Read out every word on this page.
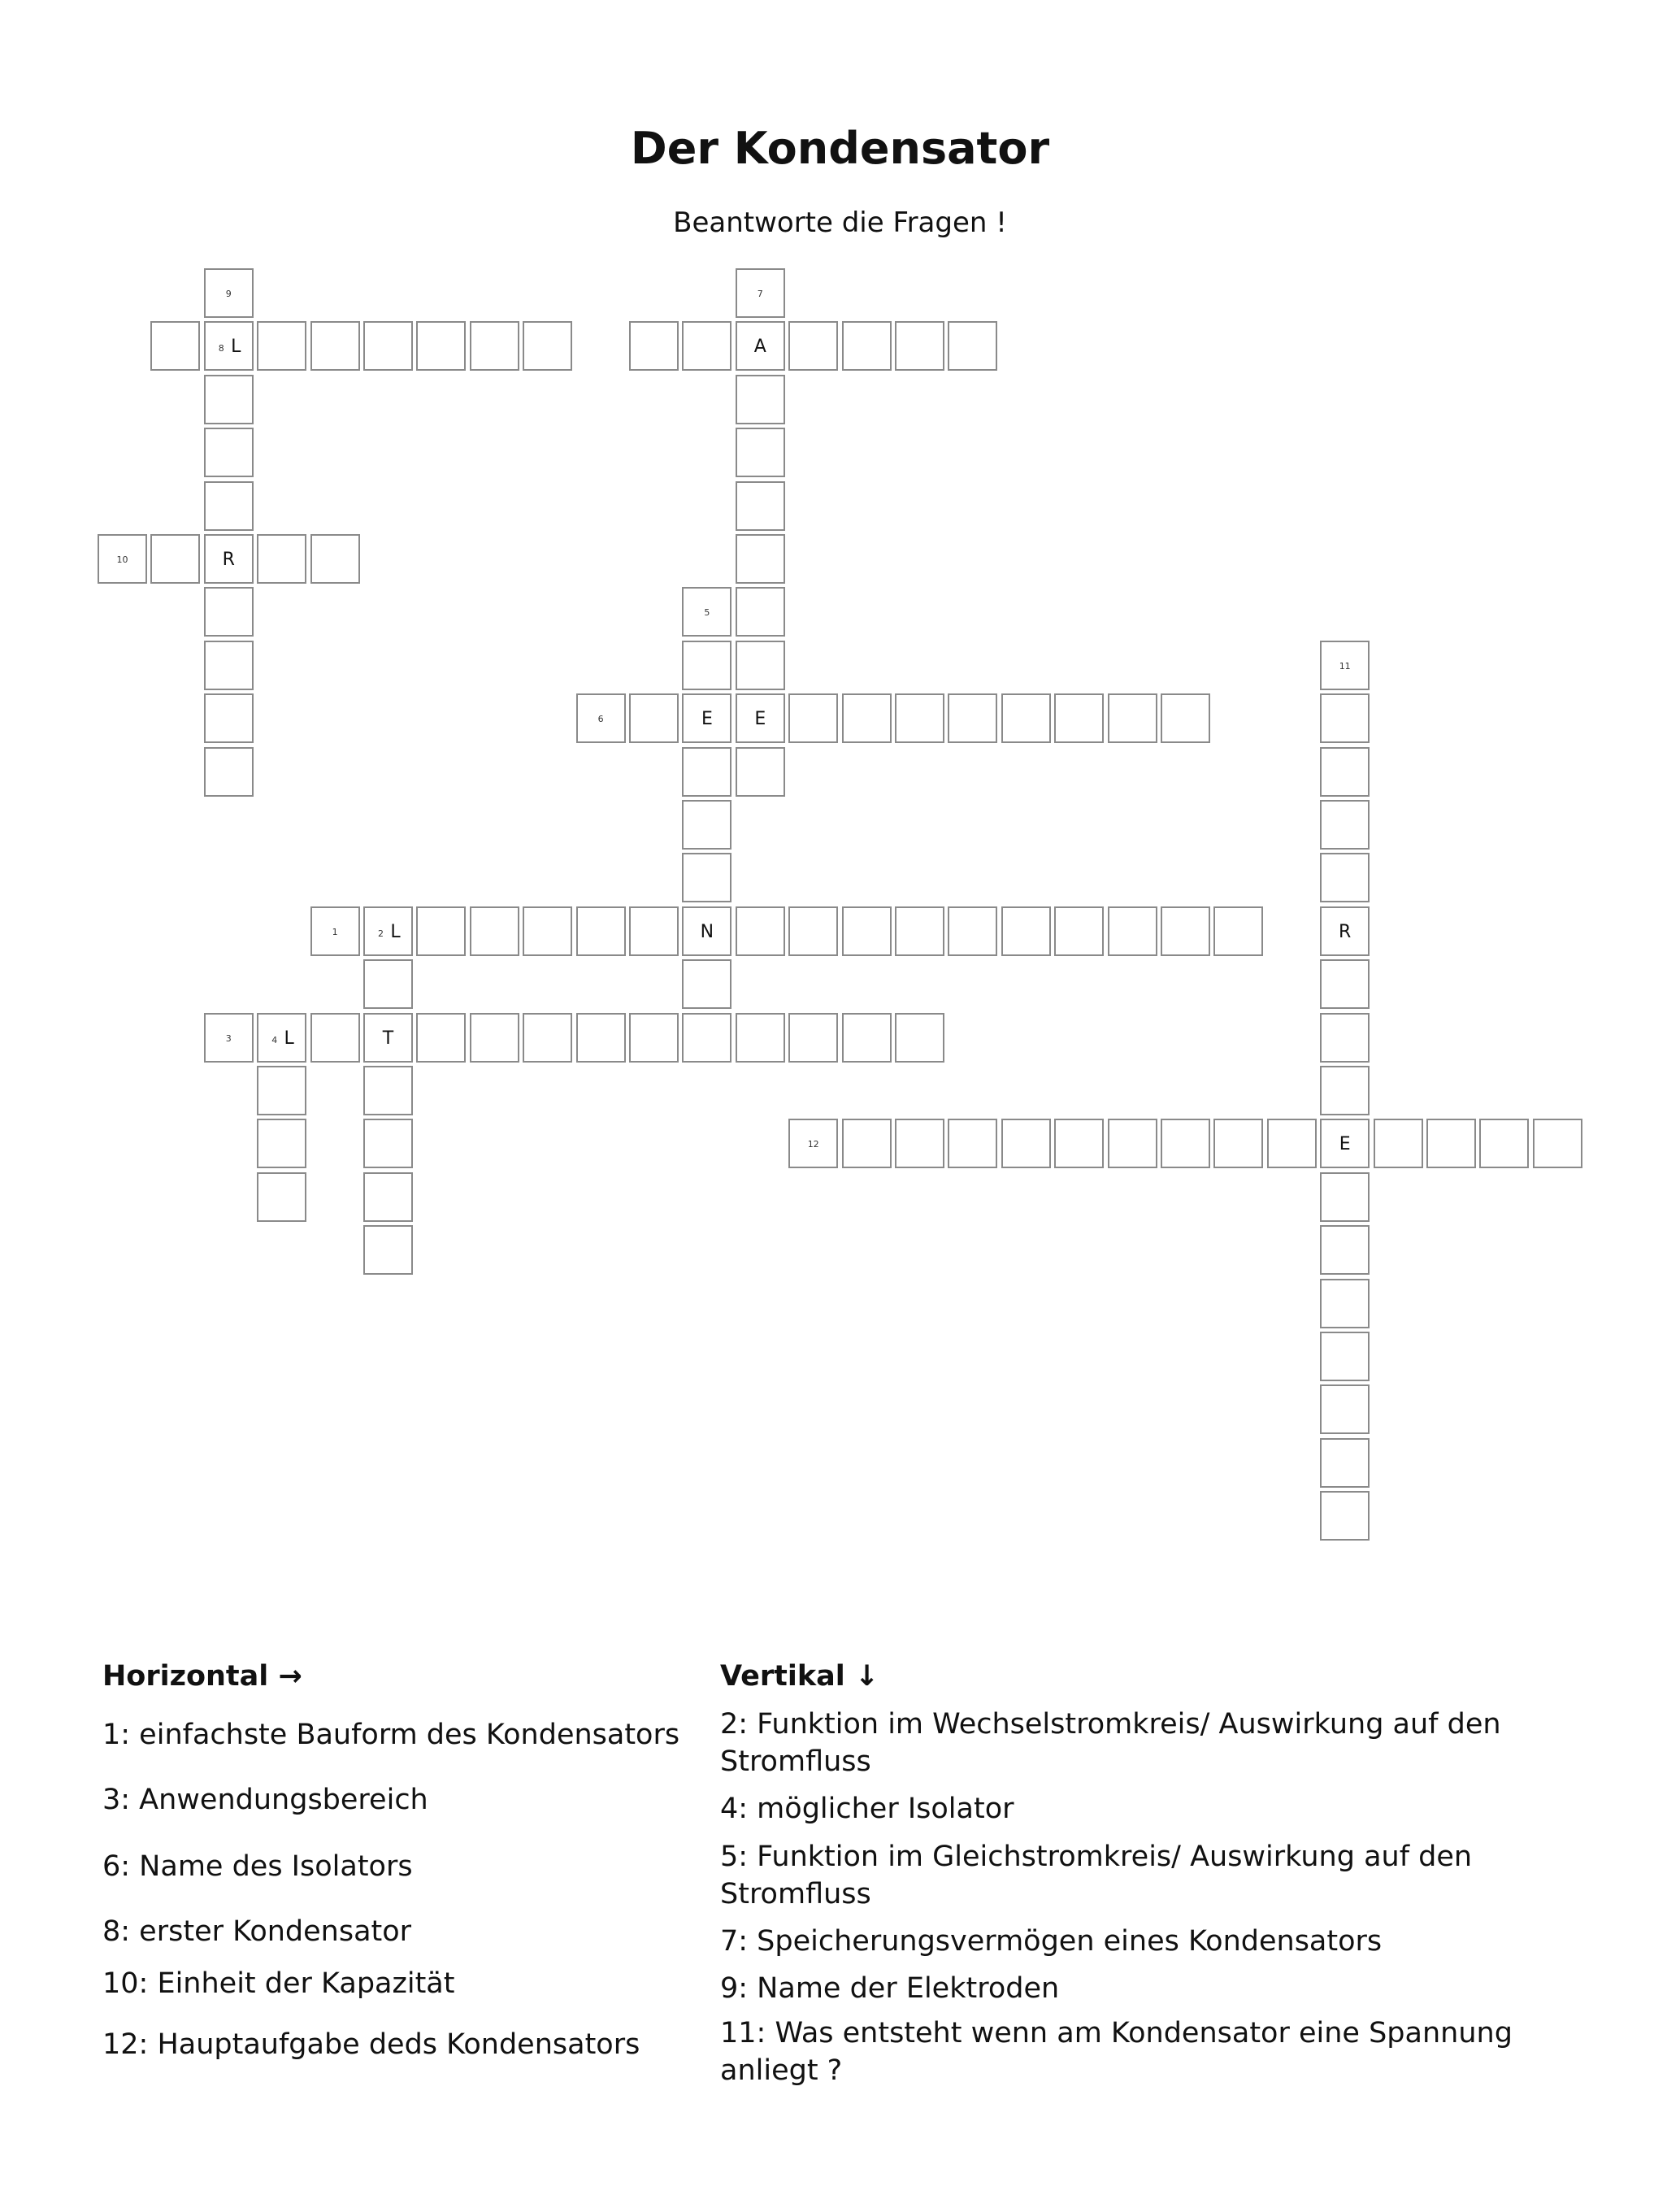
Der Kondensator
Beantworte die Fragen !
8 L	A
10	R
6	E	E
1	2 L	N
3	4 L	T
12	E
9	7
5
11
R
Horizontal →
1: einfachste Bauform des Kondensators
3: Anwendungsbereich
6: Name des Isolators
8: erster Kondensator
10: Einheit der Kapazität
12: Hauptaufgabe deds Kondensators
Vertikal ↓
2: Funktion im Wechselstromkreis/ Auswirkung auf den Stromfluss
4: möglicher Isolator
5: Funktion im Gleichstromkreis/ Auswirkung auf den Stromfluss
7: Speicherungsvermögen eines Kondensators
9: Name der Elektroden
11: Was entsteht wenn am Kondensator eine Spannung anliegt ?
